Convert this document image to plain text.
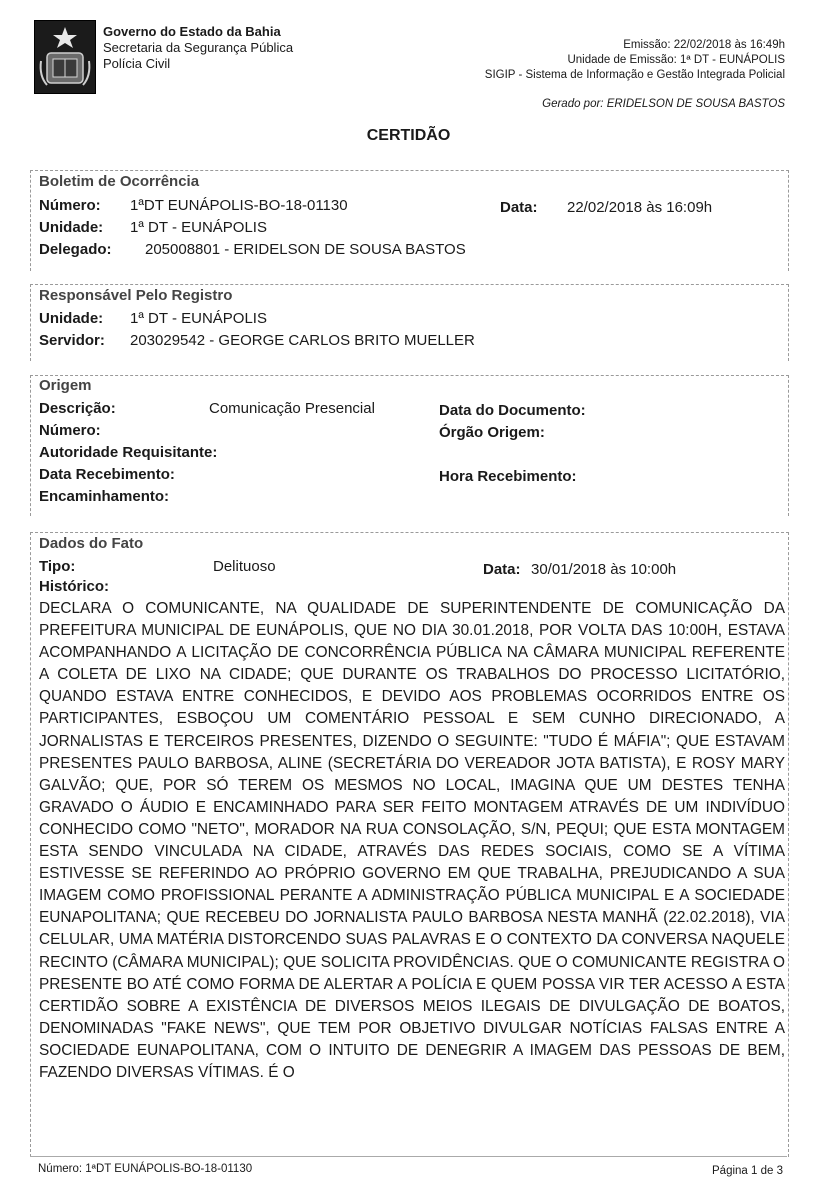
Governo do Estado da Bahia
Secretaria da Segurança Pública
Polícia Civil
Emissão: 22/02/2018 às 16:49h
Unidade de Emissão: 1ª DT - EUNÁPOLIS
SIGIP - Sistema de Informação e Gestão Integrada Policial
Gerado por: ERIDELSON DE SOUSA BASTOS
CERTIDÃO
Boletim de Ocorrência
Número: 1ªDT EUNÁPOLIS-BO-18-01130	Data: 22/02/2018 às 16:09h
Unidade: 1ª DT - EUNÁPOLIS
Delegado: 205008801 - ERIDELSON DE SOUSA BASTOS
Responsável Pelo Registro
Unidade: 1ª DT - EUNÁPOLIS
Servidor: 203029542 - GEORGE CARLOS BRITO MUELLER
Origem
Descrição:	Comunicação Presencial	Data do Documento:
Número:	Órgão Origem:
Autoridade Requisitante:
Data Recebimento:	Hora Recebimento:
Encaminhamento:
Dados do Fato
Tipo:	Delituoso	Data: 30/01/2018 às 10:00h
Histórico:
DECLARA O COMUNICANTE, NA QUALIDADE DE SUPERINTENDENTE DE COMUNICAÇÃO DA PREFEITURA MUNICIPAL DE EUNÁPOLIS, QUE NO DIA 30.01.2018, POR VOLTA DAS 10:00H, ESTAVA ACOMPANHANDO A LICITAÇÃO DE CONCORRÊNCIA PÚBLICA NA CÂMARA MUNICIPAL REFERENTE A COLETA DE LIXO NA CIDADE; QUE DURANTE OS TRABALHOS DO PROCESSO LICITATÓRIO, QUANDO ESTAVA ENTRE CONHECIDOS, E DEVIDO AOS PROBLEMAS OCORRIDOS ENTRE OS PARTICIPANTES, ESBOÇOU UM COMENTÁRIO PESSOAL E SEM CUNHO DIRECIONADO, A JORNALISTAS E TERCEIROS PRESENTES, DIZENDO O SEGUINTE: "TUDO É MÁFIA"; QUE ESTAVAM PRESENTES PAULO BARBOSA, ALINE (SECRETÁRIA DO VEREADOR JOTA BATISTA), E ROSY MARY GALVÃO; QUE, POR SÓ TEREM OS MESMOS NO LOCAL, IMAGINA QUE UM DESTES TENHA GRAVADO O ÁUDIO E ENCAMINHADO PARA SER FEITO MONTAGEM ATRAVÉS DE UM INDIVÍDUO CONHECIDO COMO "NETO", MORADOR NA RUA CONSOLAÇÃO, S/N, PEQUI; QUE ESTA MONTAGEM ESTA SENDO VINCULADA NA CIDADE, ATRAVÉS DAS REDES SOCIAIS, COMO SE A VÍTIMA ESTIVESSE SE REFERINDO AO PRÓPRIO GOVERNO EM QUE TRABALHA, PREJUDICANDO A SUA IMAGEM COMO PROFISSIONAL PERANTE A ADMINISTRAÇÃO PÚBLICA MUNICIPAL E A SOCIEDADE EUNAPOLITANA; QUE RECEBEU DO JORNALISTA PAULO BARBOSA NESTA MANHÃ (22.02.2018), VIA CELULAR, UMA MATÉRIA DISTORCENDO SUAS PALAVRAS E O CONTEXTO DA CONVERSA NAQUELE RECINTO (CÂMARA MUNICIPAL); QUE SOLICITA PROVIDÊNCIAS. QUE O COMUNICANTE REGISTRA O PRESENTE BO ATÉ COMO FORMA DE ALERTAR A POLÍCIA E QUEM POSSA VIR TER ACESSO A ESTA CERTIDÃO SOBRE A EXISTÊNCIA DE DIVERSOS MEIOS ILEGAIS DE DIVULGAÇÃO DE BOATOS, DENOMINADAS "FAKE NEWS", QUE TEM POR OBJETIVO DIVULGAR NOTÍCIAS FALSAS ENTRE A SOCIEDADE EUNAPOLITANA, COM O INTUITO DE DENEGRIR A IMAGEM DAS PESSOAS DE BEM, FAZENDO DIVERSAS VÍTIMAS. É O
Número: 1ªDT EUNÁPOLIS-BO-18-01130	Página 1 de 3
